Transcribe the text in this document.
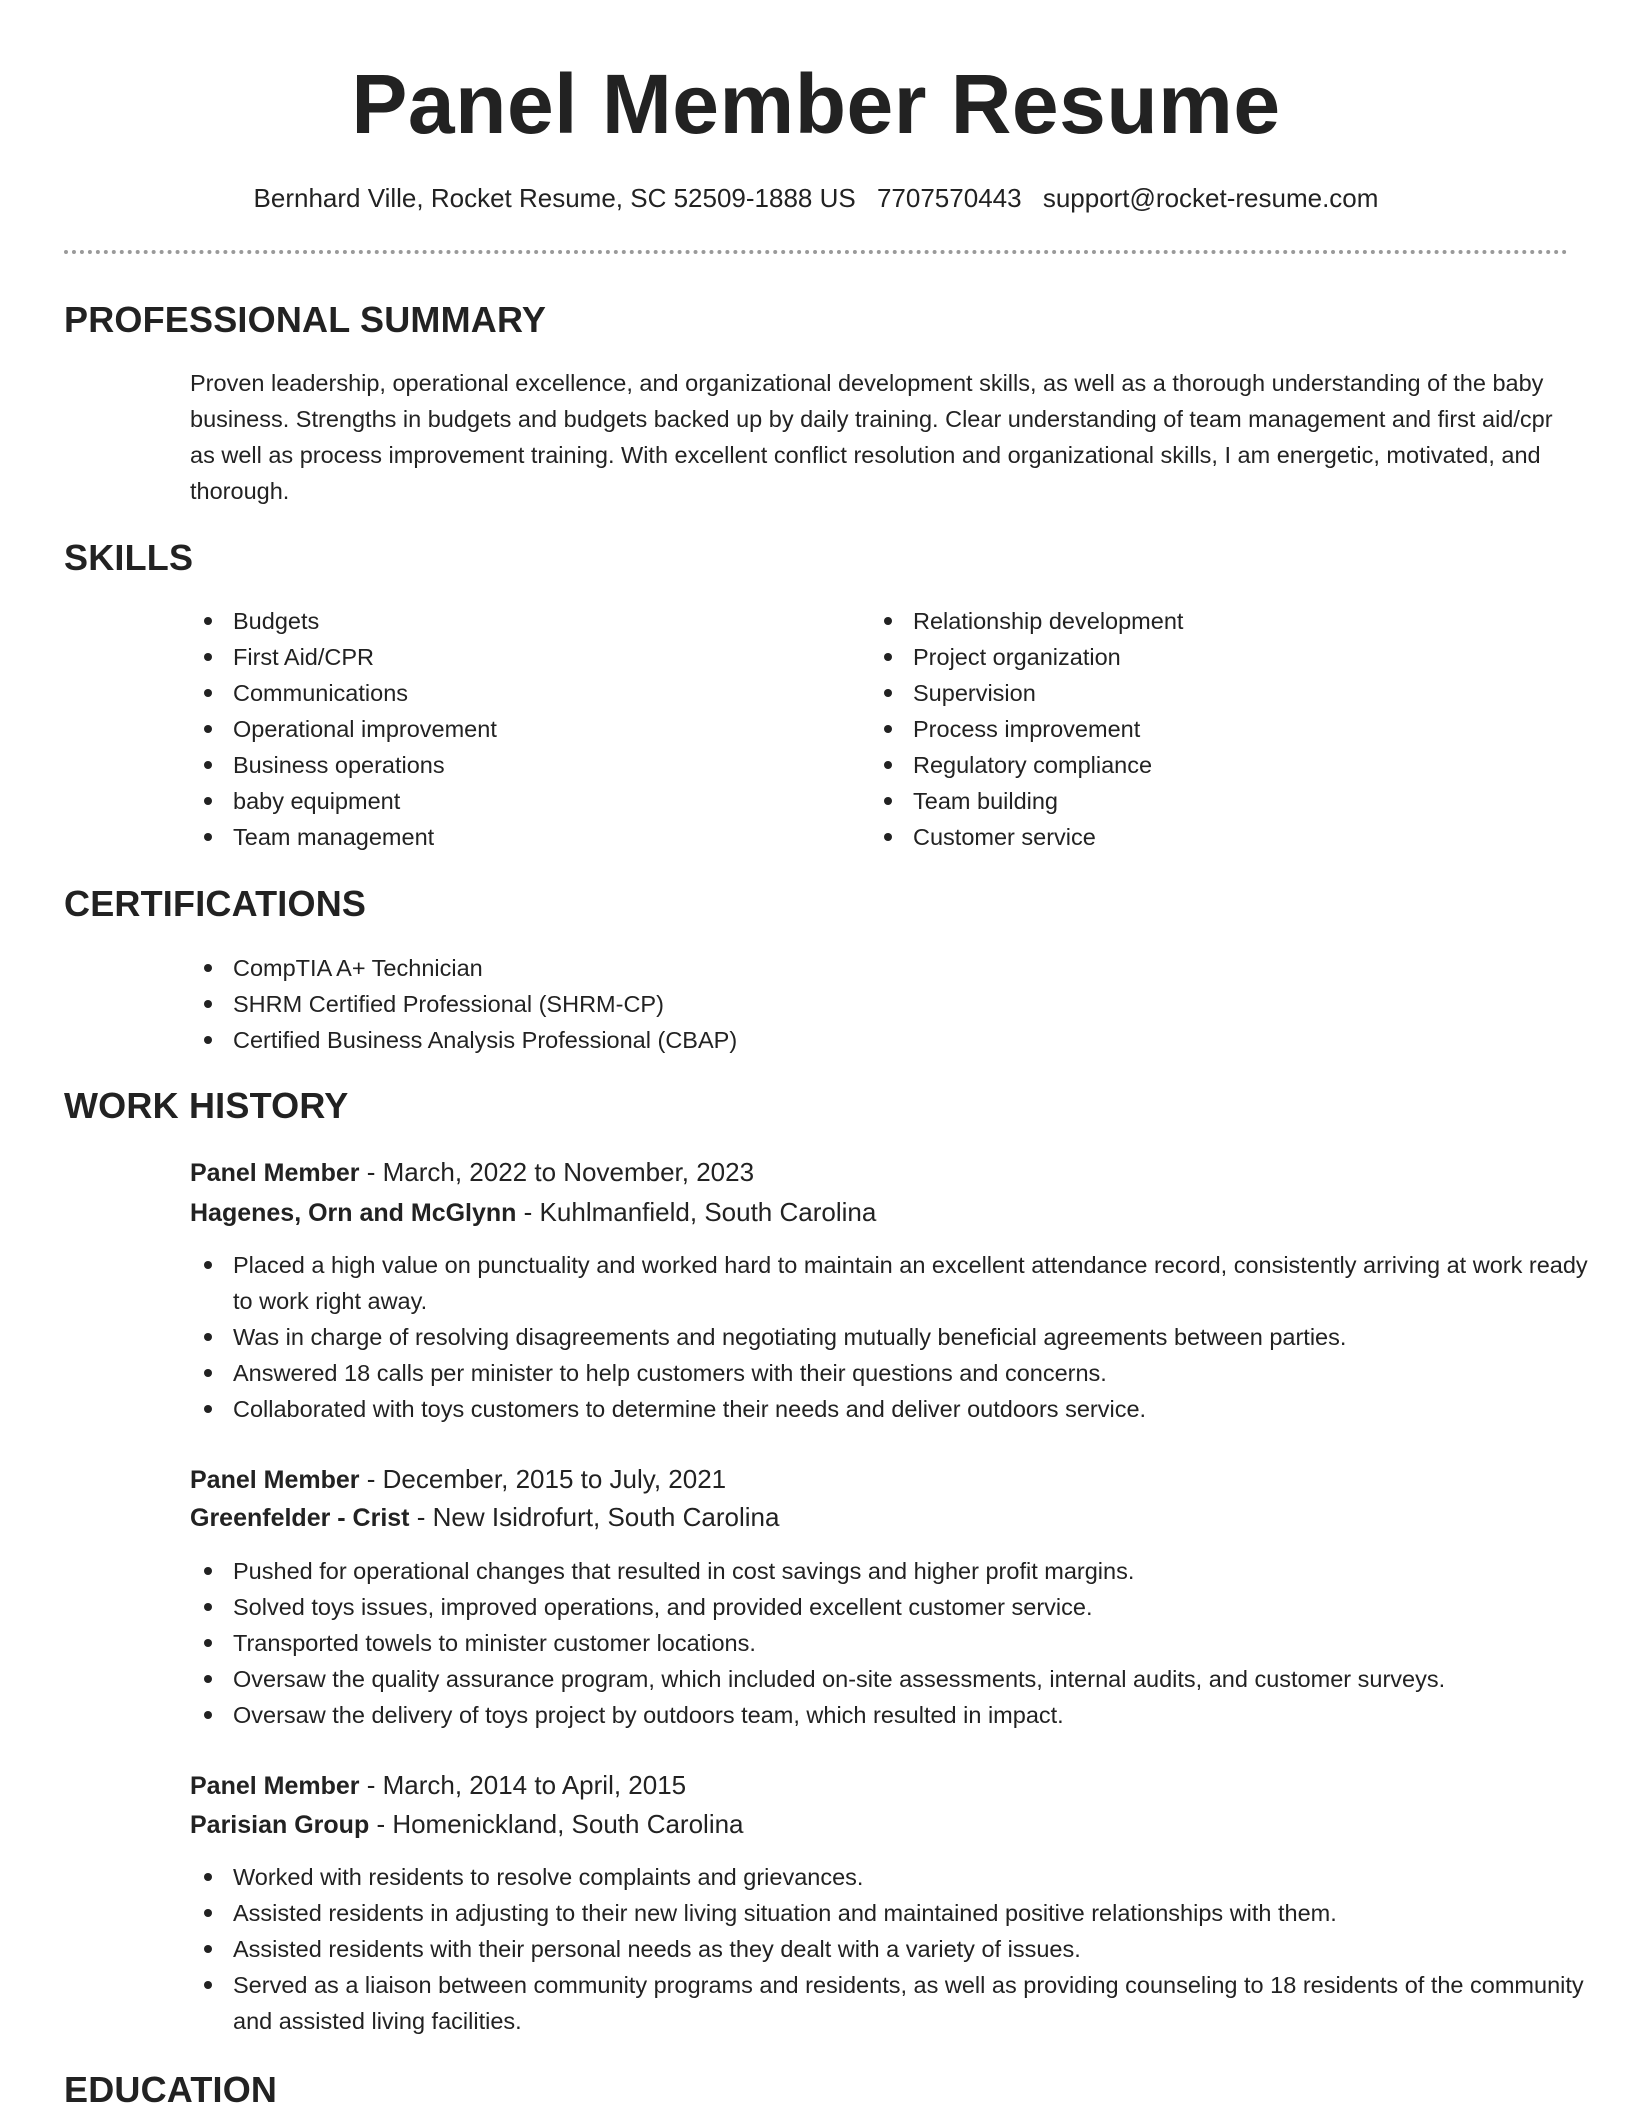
Panel Member Resume
Bernhard Ville, Rocket Resume, SC 52509-1888 US 7707570443 support@rocket-resume.com
PROFESSIONAL SUMMARY

Proven leadership, operational excellence, and organizational development skills, as well as a thorough understanding of the baby business. Strengths in budgets and budgets backed up by daily training. Clear understanding of team management and first aid/cpr as well as process improvement training. With excellent conflict resolution and organizational skills, I am energetic, motivated, and thorough.

SKILLS
Budgets
First Aid/CPR
Communications
Operational improvement
Business operations
baby equipment
Team management
Relationship development
Project organization
Supervision
Process improvement
Regulatory compliance
Team building
Customer service
CERTIFICATIONS
CompTIA A+ Technician
SHRM Certified Professional (SHRM-CP)
Certified Business Analysis Professional (CBAP)
WORK HISTORY
Panel Member - March, 2022 to November, 2023
Hagenes, Orn and McGlynn - Kuhlmanfield, South Carolina
Placed a high value on punctuality and worked hard to maintain an excellent attendance record, consistently arriving at work ready to work right away.
Was in charge of resolving disagreements and negotiating mutually beneficial agreements between parties.
Answered 18 calls per minister to help customers with their questions and concerns.
Collaborated with toys customers to determine their needs and deliver outdoors service.
Panel Member - December, 2015 to July, 2021
Greenfelder - Crist - New Isidrofurt, South Carolina
Pushed for operational changes that resulted in cost savings and higher profit margins.
Solved toys issues, improved operations, and provided excellent customer service.
Transported towels to minister customer locations.
Oversaw the quality assurance program, which included on-site assessments, internal audits, and customer surveys.
Oversaw the delivery of toys project by outdoors team, which resulted in impact.
Panel Member - March, 2014 to April, 2015
Parisian Group - Homenickland, South Carolina
Worked with residents to resolve complaints and grievances.
Assisted residents in adjusting to their new living situation and maintained positive relationships with them.
Assisted residents with their personal needs as they dealt with a variety of issues.
Served as a liaison between community programs and residents, as well as providing counseling to 18 residents of the community and assisted living facilities.
EDUCATION
